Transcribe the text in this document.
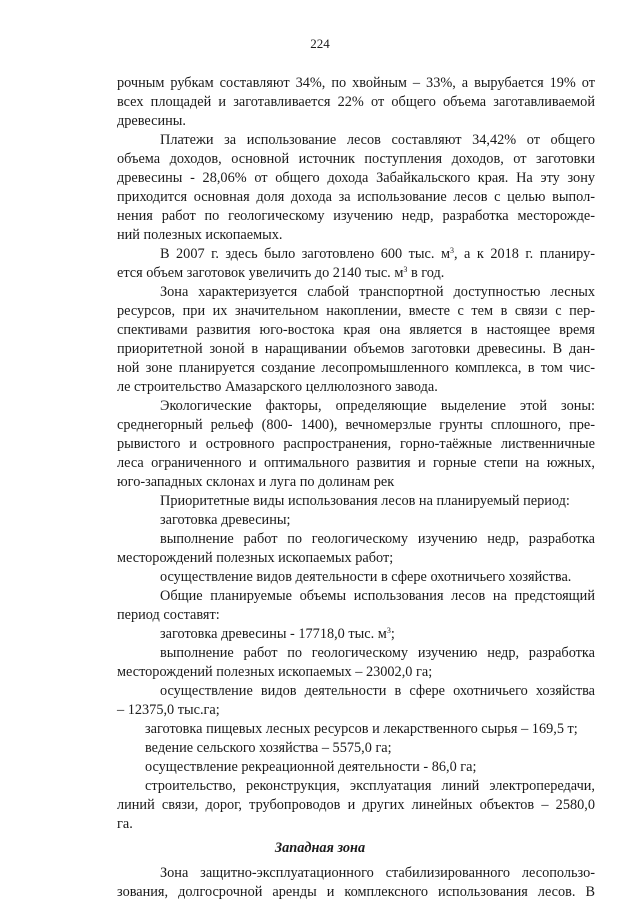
224
рочным рубкам составляют 34%, по хвойным – 33%, а вырубается 19% от
всех площадей и заготавливается 22% от общего объема заготавливаемой
древесины.
Платежи за использование лесов составляют 34,42% от общего
объема доходов, основной источник поступления доходов, от заготовки
древесины - 28,06% от общего дохода Забайкальского края. На эту зону
приходится основная доля дохода за использование лесов с целью выпол-
нения работ по геологическому изучению недр, разработка месторожде-
ний полезных ископаемых.
В 2007 г. здесь было заготовлено 600 тыс. $м^3$, а к 2018 г. планиру-
ется объем заготовок увеличить до 2140 тыс. $м^3$ в год.
Зона характеризуется слабой транспортной доступностью лесных
ресурсов, при их значительном накоплении, вместе с тем в связи с пер-
спективами развития юго-востока края она является в настоящее время
приоритетной зоной в наращивании объемов заготовки древесины. В дан-
ной зоне планируется создание лесопромышленного комплекса, в том чис-
ле строительство Амазарского целлюлозного завода.
Экологические факторы, определяющие выделение этой зоны:
среднегорный рельеф (800- 1400), вечномерзлые грунты сплошного, пре-
рывистого и островного распространения, горно-таёжные лиственничные
леса ограниченного и оптимального развития и горные степи на южных,
юго-западных склонах и луга по долинам рек
Приоритетные виды использования лесов на планируемый период:
заготовка древесины;
выполнение работ по геологическому изучению недр, разработка
месторождений полезных ископаемых работ;
осуществление видов деятельности в сфере охотничьего хозяйства.
Общие планируемые объемы использования лесов на предстоящий
период составят:
заготовка древесины - 17718,0 тыс. $м^3$;
выполнение работ по геологическому изучению недр, разработка
месторождений полезных ископаемых – 23002,0 га;
осуществление видов деятельности в сфере охотничьего хозяйства
– 12375,0 тыс.га;
заготовка пищевых лесных ресурсов и лекарственного сырья – 169,5 т;
ведение сельского хозяйства – 5575,0 га;
осуществление рекреационной деятельности - 86,0 га;
строительство, реконструкция, эксплуатация линий электропередачи,
линий связи, дорог, трубопроводов и других линейных объектов – 2580,0
га.
Западная зона
Зона защитно-эксплуатационного стабилизированного лесопользо-
зования, долгосрочной аренды и комплексного использования лесов. В
